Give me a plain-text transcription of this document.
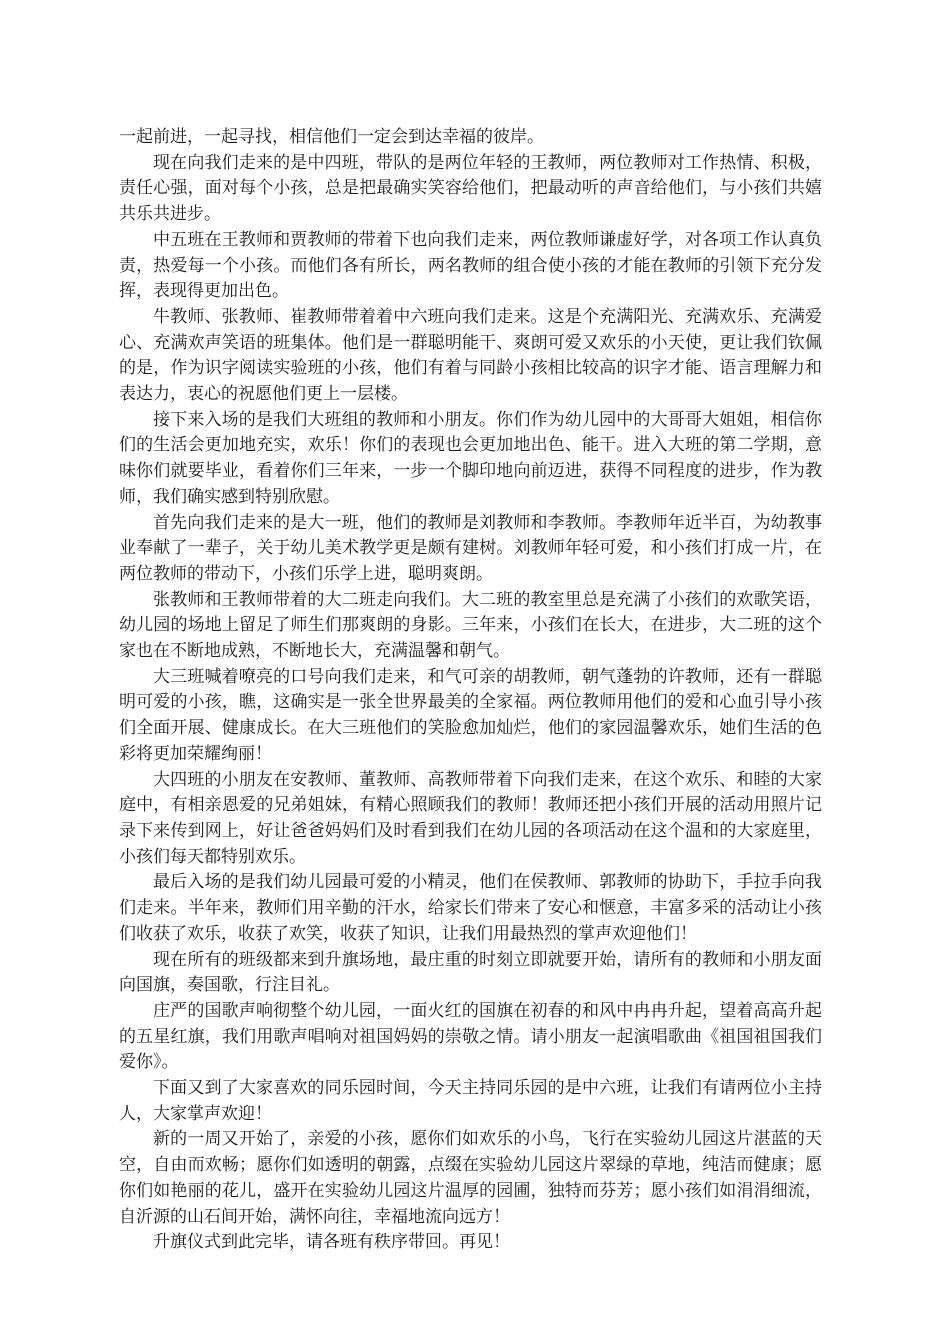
一起前进，一起寻找，相信他们一定会到达幸福的彼岸。

现在向我们走来的是中四班，带队的是两位年轻的王教师，两位教师对工作热情、积极，责任心强，面对每个小孩，总是把最确实笑容给他们，把最动听的声音给他们，与小孩们共嬉共乐共进步。

中五班在王教师和贾教师的带着下也向我们走来，两位教师谦虚好学，对各项工作认真负责，热爱每一个小孩。而他们各有所长，两名教师的组合使小孩的才能在教师的引领下充分发挥，表现得更加出色。

牛教师、张教师、崔教师带着着中六班向我们走来。这是个充满阳光、充满欢乐、充满爱心、充满欢声笑语的班集体。他们是一群聪明能干、爽朗可爱又欢乐的小天使，更让我们钦佩的是，作为识字阅读实验班的小孩，他们有着与同龄小孩相比较高的识字才能、语言理解力和表达力，衷心的祝愿他们更上一层楼。

接下来入场的是我们大班组的教师和小朋友。你们作为幼儿园中的大哥哥大姐姐，相信你们的生活会更加地充实，欢乐！你们的表现也会更加地出色、能干。进入大班的第二学期，意味你们就要毕业，看着你们三年来，一步一个脚印地向前迈进，获得不同程度的进步，作为教师，我们确实感到特别欣慰。

首先向我们走来的是大一班，他们的教师是刘教师和李教师。李教师年近半百，为幼教事业奉献了一辈子，关于幼儿美术教学更是颇有建树。刘教师年轻可爱，和小孩们打成一片，在两位教师的带动下，小孩们乐学上进，聪明爽朗。

张教师和王教师带着的大二班走向我们。大二班的教室里总是充满了小孩们的欢歌笑语，幼儿园的场地上留足了师生们那爽朗的身影。三年来，小孩们在长大，在进步，大二班的这个家也在不断地成熟，不断地长大，充满温馨和朝气。

大三班喊着嘹亮的口号向我们走来，和气可亲的胡教师，朝气蓬勃的许教师，还有一群聪明可爱的小孩，瞧，这确实是一张全世界最美的全家福。两位教师用他们的爱和心血引导小孩们全面开展、健康成长。在大三班他们的笑脸愈加灿烂，他们的家园温馨欢乐，她们生活的色彩将更加荣耀绚丽！

大四班的小朋友在安教师、董教师、高教师带着下向我们走来，在这个欢乐、和睦的大家庭中，有相亲恩爱的兄弟姐妹，有精心照顾我们的教师！教师还把小孩们开展的活动用照片记录下来传到网上，好让爸爸妈妈们及时看到我们在幼儿园的各项活动在这个温和的大家庭里，小孩们每天都特别欢乐。

最后入场的是我们幼儿园最可爱的小精灵，他们在侯教师、郭教师的协助下，手拉手向我们走来。半年来，教师们用辛勤的汗水，给家长们带来了安心和惬意，丰富多采的活动让小孩们收获了欢乐，收获了欢笑，收获了知识，让我们用最热烈的掌声欢迎他们！

现在所有的班级都来到升旗场地，最庄重的时刻立即就要开始，请所有的教师和小朋友面向国旗，奏国歌，行注目礼。

庄严的国歌声响彻整个幼儿园，一面火红的国旗在初春的和风中冉冉升起，望着高高升起的五星红旗，我们用歌声唱响对祖国妈妈的崇敬之情。请小朋友一起演唱歌曲《祖国祖国我们爱你》。

下面又到了大家喜欢的同乐园时间，今天主持同乐园的是中六班，让我们有请两位小主持人，大家掌声欢迎！

新的一周又开始了，亲爱的小孩，愿你们如欢乐的小鸟，飞行在实验幼儿园这片湛蓝的天空，自由而欢畅；愿你们如透明的朝露，点缀在实验幼儿园这片翠绿的草地，纯洁而健康；愿你们如艳丽的花儿，盛开在实验幼儿园这片温厚的园圃，独特而芬芳；愿小孩们如涓涓细流，自沂源的山石间开始，满怀向往，幸福地流向远方！

升旗仪式到此完毕，请各班有秩序带回。再见！
